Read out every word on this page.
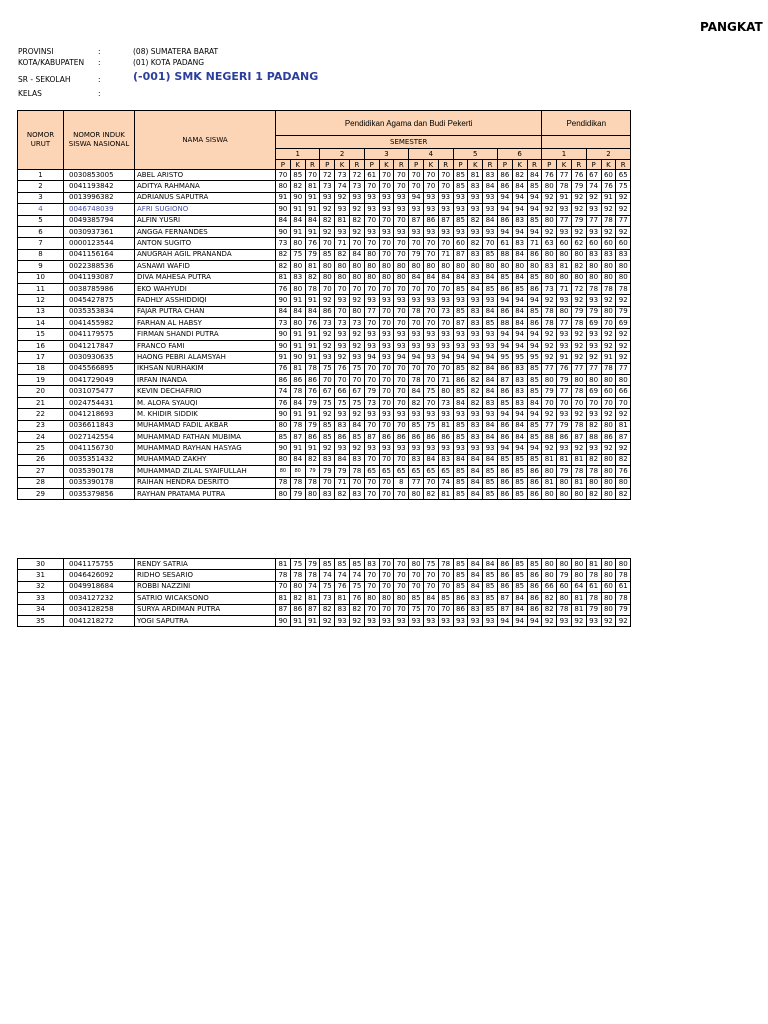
PANGKAT
PROVINSI	:	(08) SUMATERA BARAT
KOTA/KABUPATEN :	(01) KOTA PADANG
SR - SEKOLAH	:	(-001) SMK NEGERI 1 PADANG
KELAS	:
NOMOR URUT	NOMOR INDUK SISWA NASIONAL	NAMA SISWA	Pendidikan Agama dan Budi Pekerti																		Pendidikan					
			SEMESTER																							
			1			2			3			4			5			6			1			2		
			P	K	R	P	K	R	P	K	R	P	K	R	P	K	R	P	K	R	P	K	R	P	K	R
1	0030853005	ABEL ARISTO	70	85	70	72	73	72	61	70	70	70	70	70	85	81	83	86	82	84	76	77	76	67	60	65
2	0041193842	ADITYA RAHMANA	80	82	81	73	74	73	70	70	70	70	70	70	85	83	84	86	84	85	80	78	79	74	76	75
3	0013996382	ADRIANUS SAPUTRA	91	90	91	93	92	93	93	93	93	94	93	93	93	93	93	94	94	94	92	91	92	92	91	92
4	0046748039	AFRI SUGIONO	90	91	91	92	93	92	93	93	93	93	93	93	93	93	93	94	94	94	92	93	92	93	92	92
5	0049385794	ALFIN YUSRI	84	84	84	82	81	82	70	70	70	87	86	87	85	82	84	86	83	85	80	77	79	77	78	77
6	0030937361	ANGGA FERNANDES	90	91	91	92	93	92	93	93	93	93	93	93	93	93	93	94	94	94	92	93	92	93	92	92
7	0000123544	ANTON SUGITO	73	80	76	70	71	70	70	70	70	70	70	70	60	82	70	61	83	71	63	60	62	60	60	60
8	0041156164	ANUGRAH AGIL PRANANDA	82	75	79	85	82	84	80	70	70	79	70	71	87	83	85	88	84	86	80	80	80	83	83	83
9	0022388536	ASNAWI WAFID	82	80	81	80	80	80	80	80	80	80	80	80	80	80	80	80	80	80	83	81	82	80	80	80
10	0041193087	DIVA MAHESA PUTRA	81	83	82	80	80	80	80	80	80	84	84	84	84	83	84	85	84	85	80	80	80	80	80	80
11	0038785986	EKO WAHYUDI	76	80	78	70	70	70	70	70	70	70	70	70	85	84	85	86	85	86	73	71	72	78	78	78
12	0045427875	FADHLY ASSHIDDIQI	90	91	91	92	93	92	93	93	93	93	93	93	93	93	93	94	94	94	92	93	92	93	92	92
13	0035353834	FAJAR PUTRA CHAN	84	84	84	86	70	80	77	70	70	78	70	73	85	83	84	86	84	85	78	80	79	79	80	79
14	0041455982	FARHAN AL HABSY	73	80	76	73	73	73	70	70	70	70	70	70	87	83	85	88	84	86	78	77	78	69	70	69
15	0041179575	FIRMAN SHANDI PUTRA	90	91	91	92	93	92	93	93	93	93	93	93	93	93	93	94	94	94	92	93	92	93	92	92
16	0041217847	FRANCO FAMI	90	91	91	92	93	92	93	93	93	93	93	93	93	93	93	94	94	94	92	93	92	93	92	92
17	0030930635	HAONG PEBRI ALAMSYAH	91	90	91	93	92	93	94	93	94	94	93	94	94	94	94	95	95	95	92	91	92	92	91	92
18	0045566895	IKHSAN NURHAKIM	76	81	78	75	76	75	70	70	70	70	70	70	85	82	84	86	83	85	77	76	77	77	78	77
19	0041729049	IRFAN INANDA	86	86	86	70	70	70	70	70	70	78	70	71	86	82	84	87	83	85	80	79	80	80	80	80
20	0031075477	KEVIN DECHAFRIO	74	78	76	67	66	67	79	70	70	84	75	80	85	82	84	86	83	85	79	77	78	69	60	66
21	0024754431	M. ALOFA SYAUQI	76	84	79	75	75	75	73	70	70	82	70	73	84	82	83	85	83	84	70	70	70	70	70	70
22	0041218693	M. KHIDIR SIDDIK	90	91	91	92	93	92	93	93	93	93	93	93	93	93	93	94	94	94	92	93	92	93	92	92
23	0036611843	MUHAMMAD FADIL AKBAR	80	78	79	85	83	84	70	70	70	85	75	81	85	83	84	86	84	85	77	79	78	82	80	81
24	0027142554	MUHAMMAD FATHAN MUBIMA	85	87	86	85	86	85	87	86	86	86	86	86	85	83	84	86	84	85	88	86	87	88	86	87
25	0041156730	MUHAMMAD RAYHAN HASYAG	90	91	91	92	93	92	93	93	93	93	93	93	93	93	93	94	94	94	92	93	92	93	92	92
26	0035351432	MUHAMMAD ZAKHY	80	84	82	83	84	83	70	70	70	83	84	83	84	84	84	85	85	85	81	81	81	82	80	82
27	0035390178	MUHAMMAD ZILAL SYAIFULLAH	80	80	79	79	79	78	65	65	65	65	65	65	85	84	85	86	85	86	80	79	78	78	80	76
28	0035390178	RAIHAN HENDRA DESRITO	78	78	78	70	71	70	70	70	8	77	70	74	85	84	85	86	85	86	81	80	81	80	80	80
29	0035379856	RAYHAN PRATAMA PUTRA	80	79	80	83	82	83	70	70	70	80	82	81	85	84	85	86	85	86	80	80	80	82	80	82
30	0041175755	RENDY SATRIA	81	75	79	85	85	85	83	70	70	80	75	78	85	84	84	86	85	85	80	80	80	81	80	80
31	0046426092	RIDHO SESARIO	78	78	78	74	74	74	70	70	70	70	70	70	85	84	85	86	85	86	80	79	80	78	80	78
32	0049918684	ROBBI NAZZINI	70	80	74	75	76	75	70	70	70	70	70	70	85	84	85	86	85	86	66	60	64	61	60	61
33	0034127232	SATRIO WICAKSONO	81	82	81	73	81	76	80	80	80	85	84	85	86	83	85	87	84	86	82	80	81	78	80	78
34	0034128258	SURYA ARDIMAN PUTRA	87	86	87	82	83	82	70	70	70	75	70	70	86	83	85	87	84	86	82	78	81	79	80	79
35	0041218272	YOGI SAPUTRA	90	91	91	92	93	92	93	93	93	93	93	93	93	93	93	94	94	94	92	93	92	93	92	92
